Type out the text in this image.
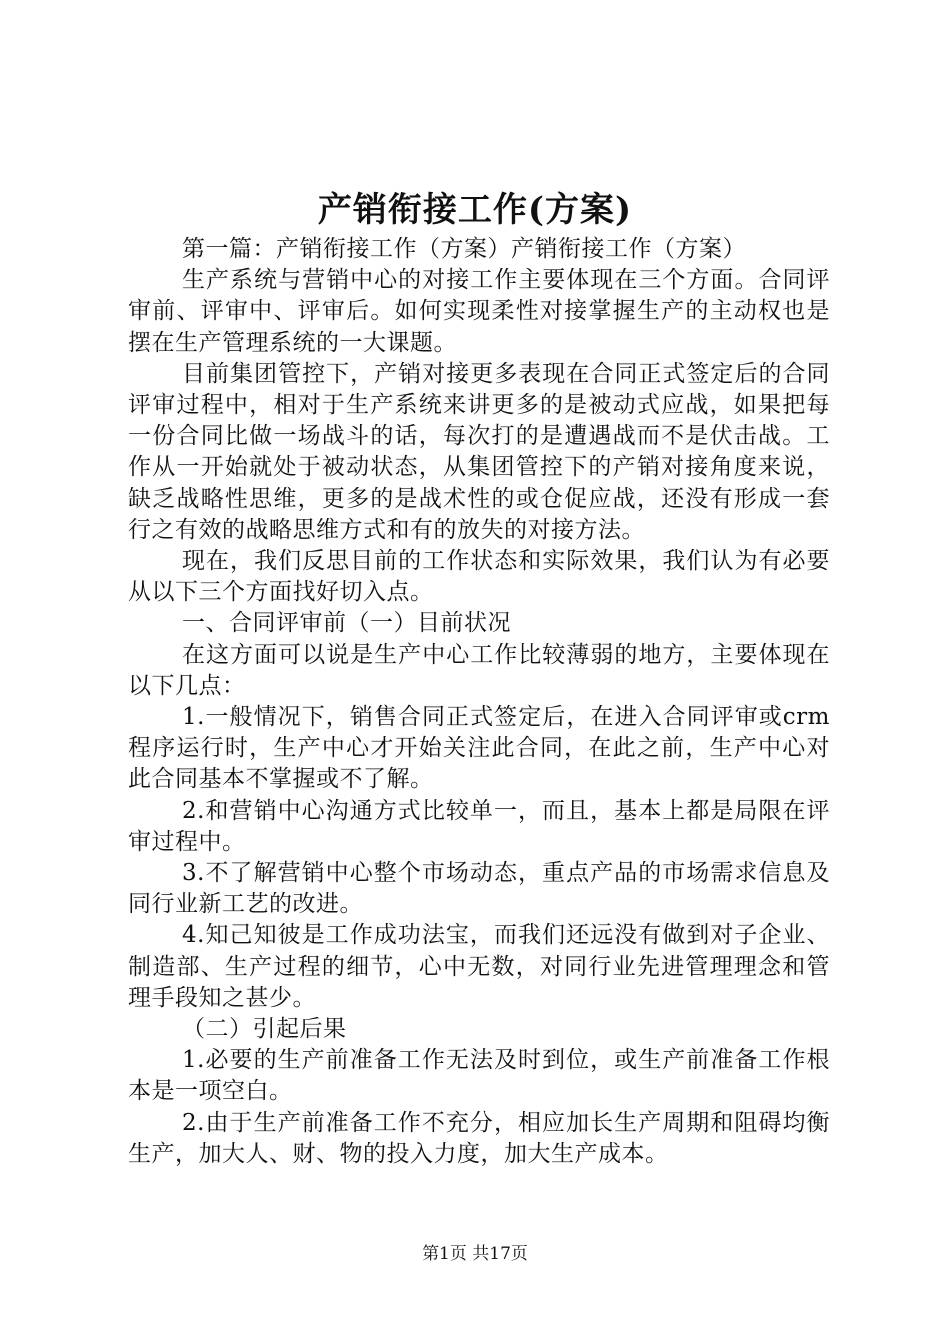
产销衔接工作(方案)

第一篇：产销衔接工作（方案）产销衔接工作（方案）

生产系统与营销中心的对接工作主要体现在三个方面。合同评审前、评审中、评审后。如何实现柔性对接掌握生产的主动权也是摆在生产管理系统的一大课题。

目前集团管控下，产销对接更多表现在合同正式签定后的合同评审过程中，相对于生产系统来讲更多的是被动式应战，如果把每一份合同比做一场战斗的话，每次打的是遭遇战而不是伏击战。工作从一开始就处于被动状态，从集团管控下的产销对接角度来说，缺乏战略性思维，更多的是战术性的或仓促应战，还没有形成一套行之有效的战略思维方式和有的放失的对接方法。

现在，我们反思目前的工作状态和实际效果，我们认为有必要从以下三个方面找好切入点。

一、合同评审前（一）目前状况

在这方面可以说是生产中心工作比较薄弱的地方，主要体现在以下几点：

1.一般情况下，销售合同正式签定后，在进入合同评审或crm程序运行时，生产中心才开始关注此合同，在此之前，生产中心对此合同基本不掌握或不了解。

2.和营销中心沟通方式比较单一，而且，基本上都是局限在评审过程中。

3.不了解营销中心整个市场动态，重点产品的市场需求信息及同行业新工艺的改进。

4.知己知彼是工作成功法宝，而我们还远没有做到对子企业、制造部、生产过程的细节，心中无数，对同行业先进管理理念和管理手段知之甚少。

（二）引起后果

1.必要的生产前准备工作无法及时到位，或生产前准备工作根本是一项空白。

2.由于生产前准备工作不充分，相应加长生产周期和阻碍均衡生产，加大人、财、物的投入力度，加大生产成本。

第1页 共17页
